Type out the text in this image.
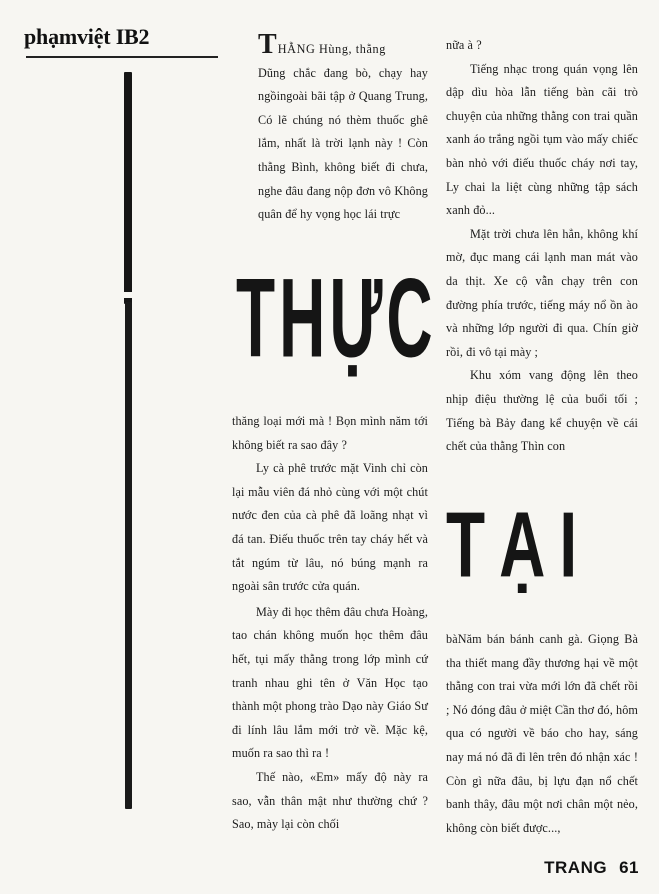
phạmviệt IB2	THẰNG Hùng, thằng

Dũng chắc đang bò, chạy hay ngồingoài bãi tập ở Quang Trung, Có lẽ chúng nó thèm thuốc ghê lắm, nhất là trời lạnh này ! Còn thằng Bình, không biết đi chưa, nghe đâu đang nộp đơn vô Không quân để hy vọng học lái trực

THỰC

thăng loại mới mà ! Bọn mình năm tới không biết ra sao đây ?

Ly cà phê trước mặt Vinh chỉ còn lại mẫu viên đá nhỏ cùng với một chút nước đen của cà phê đã loãng nhạt vì đá tan. Điếu thuốc trên tay cháy hết và tắt ngúm từ lâu, nó búng mạnh ra ngoài sân trước cửa quán.

Mày đi học thêm đâu chưa Hoàng, tao chán không muốn học thêm đâu hết, tụi mấy thằng trong lớp mình cứ tranh nhau ghi tên ở Văn Học tạo thành một phong trào Dạo này Giáo Sư đi lính lâu lắm mới trở về. Mặc kệ, muốn ra sao thì ra !

Thế nào, «Em» mấy độ này ra sao, vẫn thân mật như thường chứ ? Sao, mày lại còn chối

nữa à ?

Tiếng nhạc trong quán vọng lên dập dìu hòa lẫn tiếng bàn cãi trò chuyện của những thằng con trai quần xanh áo trắng ngồi tụm vào mấy chiếc bàn nhỏ với điếu thuốc cháy nơi tay, Ly chai la liệt cùng những tập sách xanh đỏ...

Mặt trời chưa lên hẳn, không khí mờ, đục mang cái lạnh man mát vào da thịt. Xe cộ vẫn chạy trên con đường phía trước, tiếng máy nổ ồn ào và những lớp người đi qua. Chín giờ rồi, đi vô tại mày ;

Khu xóm vang động lên theo nhịp điệu thường lệ của buổi tối ; Tiếng bà Bảy đang kể chuyện về cái chết của thằng Thìn con

TẠI

bàNăm bán bánh canh gà. Giọng Bà tha thiết mang đầy thương hại về một thằng con trai vừa mới lớn đã chết rồi ; Nó đóng đâu ở miệt Cần thơ đó, hôm qua có người về báo cho hay, sáng nay má nó đã đi lên trên đó nhận xác ! Còn gì nữa đâu, bị lựu đạn nổ chết banh thây, đâu một nơi chân một nẻo, không còn biết được...,

TRANG 61
